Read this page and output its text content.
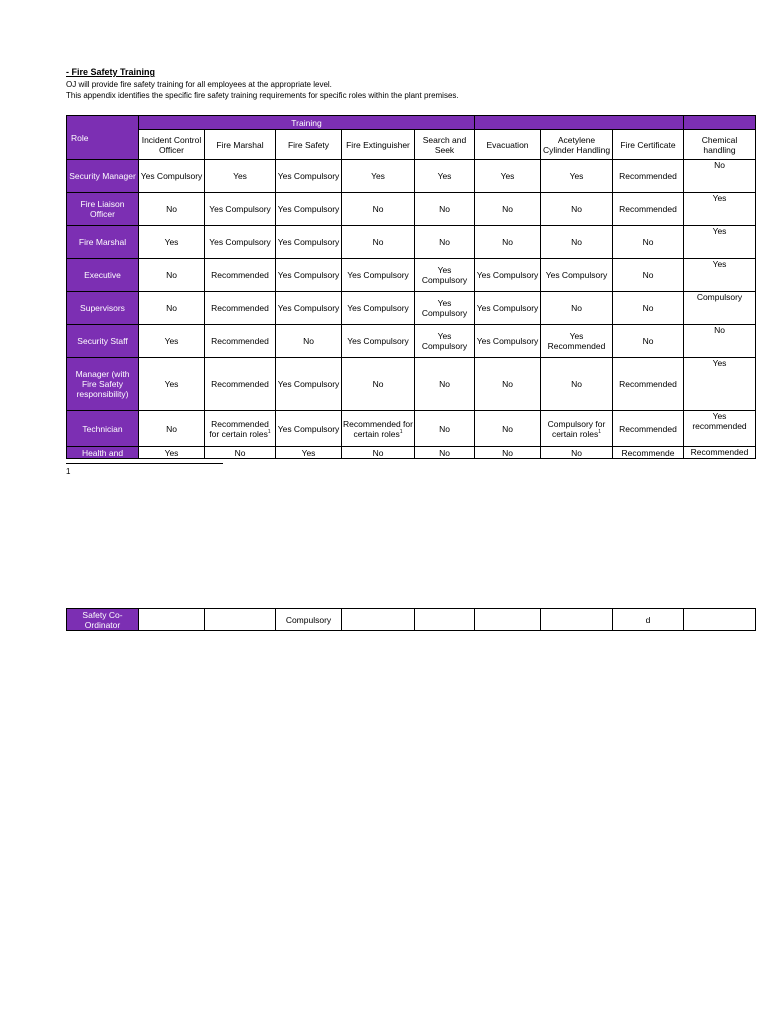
- Fire Safety Training
OJ will provide fire safety training for all employees at the appropriate level.
This appendix identifies the specific fire safety training requirements for specific roles within the plant premises.
Role	Training								
	Incident Control Officer	Fire Marshal	Fire Safety	Fire Extinguisher	Search and Seek	Evacuation	Acetylene Cylinder Handling	Fire Certificate	Chemical handling
Security Manager	Yes Compulsory	Yes	Yes Compulsory	Yes	Yes	Yes	Yes	Recommended	No
Fire Liaison Officer	No	Yes Compulsory	Yes Compulsory	No	No	No	No	Recommended	Yes
Fire Marshal	Yes	Yes Compulsory	Yes Compulsory	No	No	No	No	No	Yes
Executive	No	Recommended	Yes Compulsory	Yes Compulsory	Yes Compulsory	Yes Compulsory	Yes Compulsory	No	Yes
Supervisors	No	Recommended	Yes Compulsory	Yes Compulsory	Yes Compulsory	Yes Compulsory	No	No	Compulsory
Security Staff	Yes	Recommended	No	Yes Compulsory	Yes Compulsory	Yes Compulsory	Yes Recommended	No	No
Manager (with Fire Safety responsibility)	Yes	Recommended	Yes Compulsory	No	No	No	No	Recommended	Yes
Technician	No	Recommended for certain roles$^1$	Yes Compulsory	Recommended for certain roles$^1$	No	No	Compulsory for certain roles$^1$	Recommended	Yes recommended
Health and	Yes	No	Yes	No	No	No	No	Recommende	Recommended
1
Safety Co-Ordinator			Compulsory					d	
